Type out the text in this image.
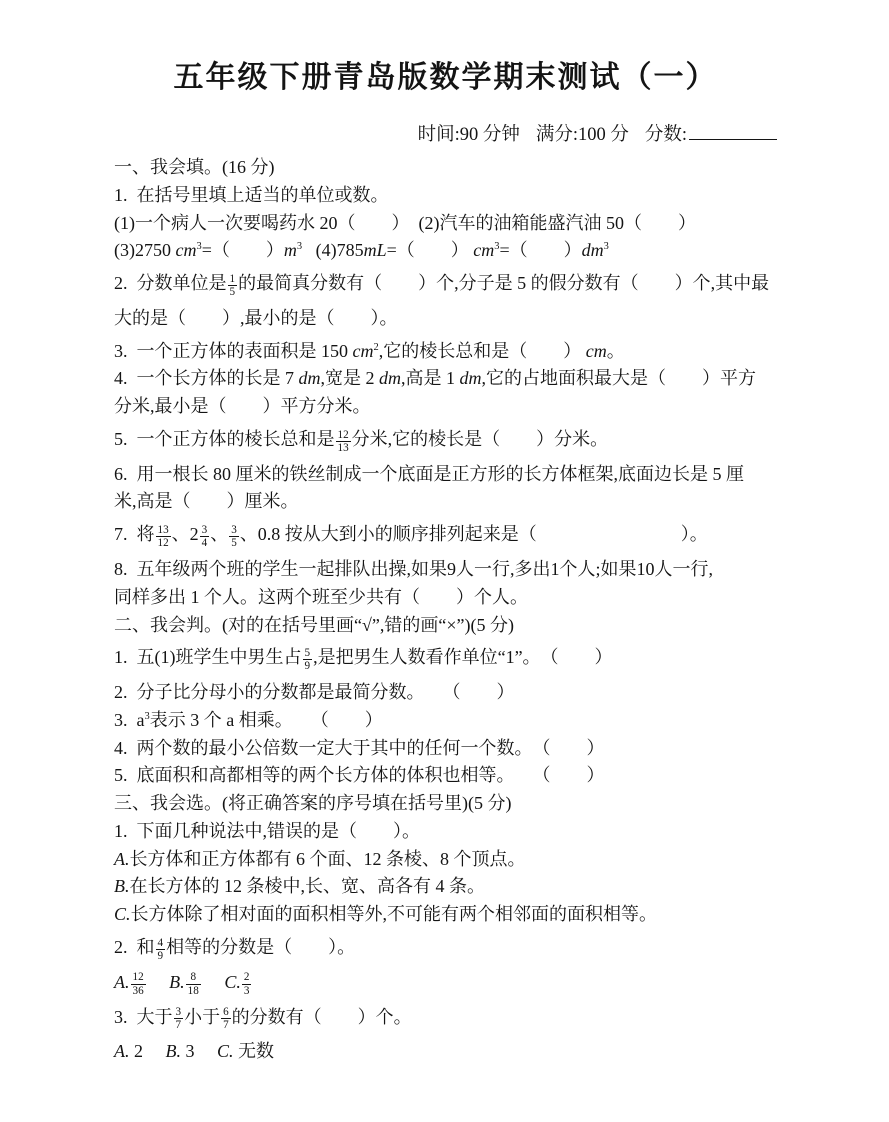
五年级下册青岛版数学期末测试（一）
时间:90 分钟 满分:100 分 分数:
一、我会填。(16 分)
1.  在括号里填上适当的单位或数。
(1)一个病人一次要喝药水 20（　　）  (2)汽车的油箱能盛汽油 50（　　）
(3)2750 $cm^3=$（　　）$m^3$   (4)785mL=（　　） $cm^3=$（　　）$dm^3$
2.  分数单位是 $\frac{1}{5}$ 的最简真分数有（　　）个,分子是 5 的假分数有（　　）个,其中最
大的是（　　）,最小的是（　　）。
3.  一个正方体的表面积是 150 $cm^2$,它的棱长总和是（　　） cm。
4.  一个长方体的长是 7 dm,宽是 2 dm,高是 1 dm,它的占地面积最大是（　　）平方
分米,最小是（　　）平方分米。
5.  一个正方体的棱长总和是 $\frac{12}{13}$ 分米,它的棱长是（　　）分米。
6.  用一根长 80 厘米的铁丝制成一个底面是正方形的长方体框架,底面边长是 5 厘
米,高是（　　）厘米。
7.  将 $\frac{13}{12}$ 、$2 \frac{3}{4}$ 、 $\frac{3}{5}$ 、0.8 按从大到小的顺序排列起来是（　　　　　　　　）。
8.  五年级两个班的学生一起排队出操,如果9人一行,多出1个人;如果10人一行,
同样多出 1 个人。这两个班至少共有（　　）个人。
二、我会判。(对的在括号里画“√”,错的画“×”)(5 分)
1.  五(1)班学生中男生占 $\frac{5}{9}$ ,是把男生人数看作单位“1”。　（　　）
2.  分子比分母小的分数都是最简分数。　　（　　）
3.  $a^3$表示 3 个 a 相乘。　　（　　）
4.  两个数的最小公倍数一定大于其中的任何一个数。　（　　）
5.  底面积和高都相等的两个长方体的体积也相等。　　（　　）
三、我会选。(将正确答案的序号填在括号里)(5 分)
1.  下面几种说法中,错误的是（　　）。
A.长方体和正方体都有 6 个面、12 条棱、8 个顶点。
B.在长方体的 12 条棱中,长、宽、高各有 4 条。
C.长方体除了相对面的面积相等外,不可能有两个相邻面的面积相等。
2.  和 $\frac{4}{9}$ 相等的分数是（　　）。
A. $\frac{12}{36}$
　 B. $\frac{8}{18}$
　 C. $\frac{2}{3}$
3.  大于 $\frac{3}{7}$ 小于 $\frac{6}{7}$ 的分数有（　　）个。
A. 2　 B. 3　 C. 无数
